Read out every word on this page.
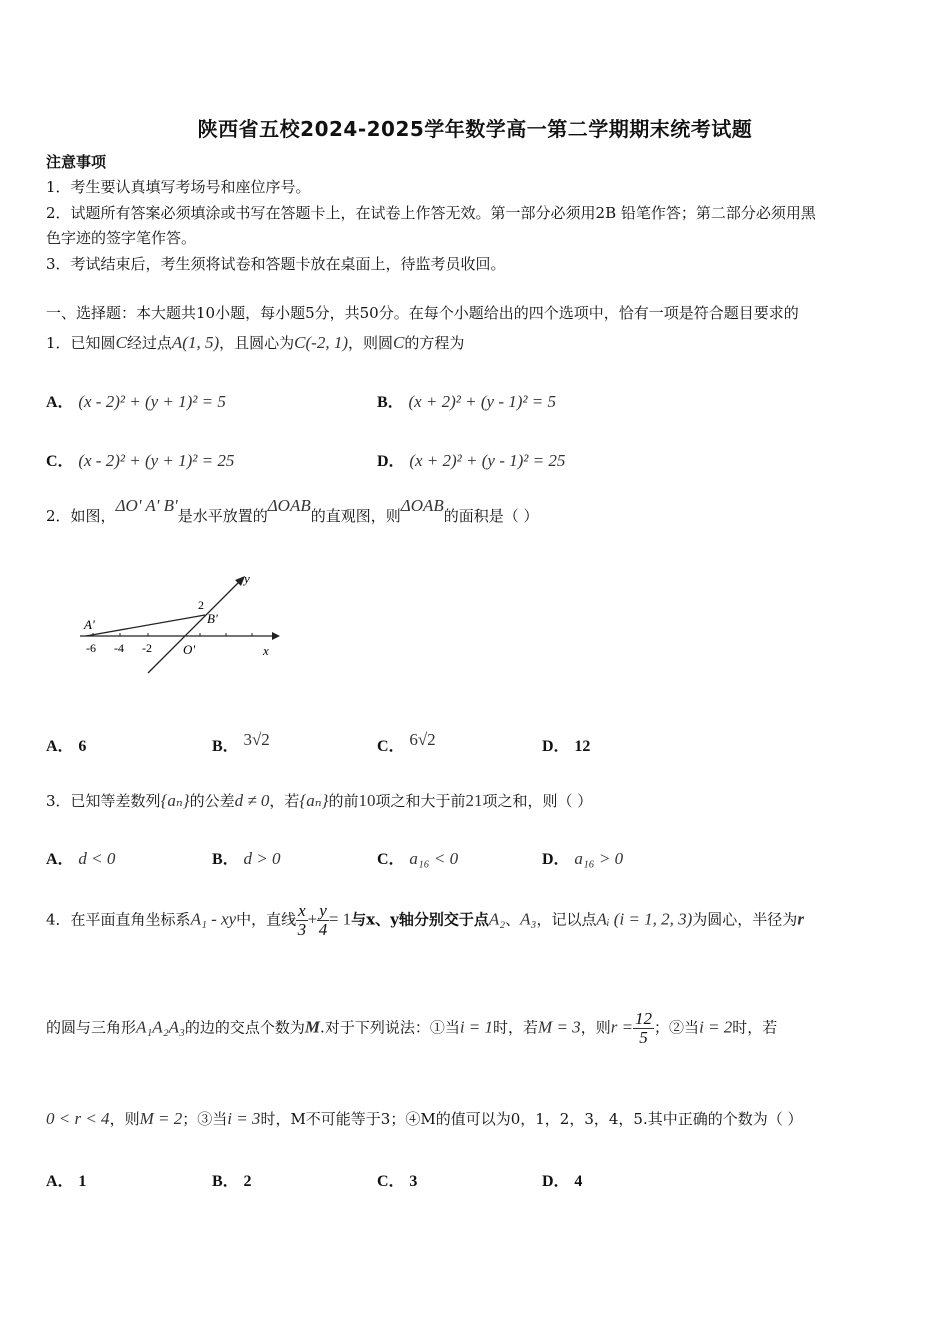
陕西省五校2024-2025学年数学高一第二学期期末统考试题
注意事项
1．考生要认真填写考场号和座位序号。
2．试题所有答案必须填涂或书写在答题卡上，在试卷上作答无效。第一部分必须用2B 铅笔作答；第二部分必须用黑
色字迹的签字笔作答。
3．考试结束后，考生须将试卷和答题卡放在桌面上，待监考员收回。
一、选择题：本大题共10小题，每小题5分，共50分。在每个小题给出的四个选项中，恰有一项是符合题目要求的
1．已知圆C经过点A(1, 5)，且圆心为C(-2, 1)，则圆C的方程为
A． (x - 2)² + (y + 1)² = 5	B． (x + 2)² + (y - 1)² = 5
C． (x - 2)² + (y + 1)² = 25	D． (x + 2)² + (y - 1)² = 25
2．如图，ΔO' A' B'是水平放置的ΔOAB的直观图，则ΔOAB的面积是（ ）
y
x
A'	B'
O'
2
-6 -4 -2
A． 6	B． 3√2	C． 6√2	D． 12
3．已知等差数列{aₙ}的公差d ≠ 0，若{aₙ}的前10项之和大于前21项之和，则（ ）
A． d < 0	B． d > 0	C． a₁₆ < 0	D． a₁₆ > 0
4．在平面直角坐标系A₁ - xy中，直线 $\frac{x}{3} + \frac{y}{4} = 1$与x、y轴分别交于点A₂、A₃，记以点Aᵢ (i = 1, 2, 3)为圆心，半径为r
的圆与三角形A₁A₂A₃的边的交点个数为M.对于下列说法：①当i = 1时，若M = 3，则$r = \frac{12}{5}$ ；②当i = 2时，若
0 < r < 4，则M = 2；③当i = 3时，M不可能等于3；④M的值可以为0，1，2，3，4，5.其中正确的个数为（ ）
A． 1	B． 2	C． 3	D． 4
